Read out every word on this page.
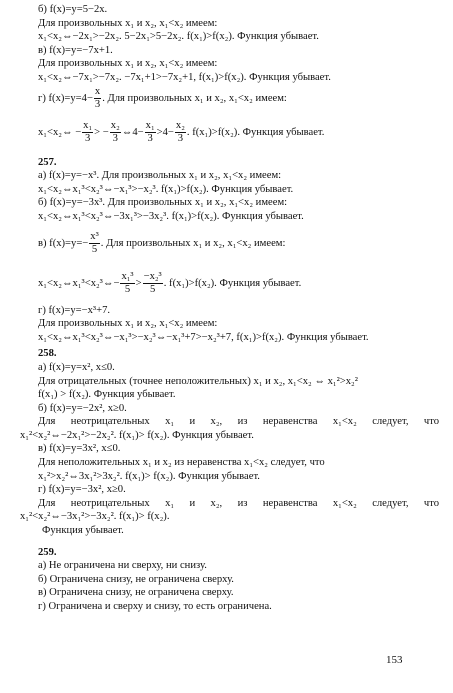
б) f(x)=y=5−2x.
Для произвольных x₁ и x₂, x₁<x₂ имеем:
x₁<x₂⇔−2x₁>−2x₂. 5−2x₁>5−2x₂. f(x₁)>f(x₂). Функция убывает.
в) f(x)=y=−7x+1.
Для произвольных x₁ и x₂, x₁<x₂ имеем:
x₁<x₂⇔−7x₁>−7x₂. −7x₁+1>−7x₂+1, f(x₁)>f(x₂). Функция убывает.
г) $f(x)=y=4- \frac{x}{3}$ . Для произвольных x₁ и x₂, x₁<x₂ имеем:
x₁<x₂⇔ − $\frac{\text{x₁}}{3}$ > − $\frac{\text{x₂}}{3}$ ⇔4− $\frac{\text{x₁}}{3} >4- \frac{\text{x₂}}{3}$ . f(x₁)>f(x₂). Функция убывает.
257.
а) f(x)=y=−x³. Для произвольных x₁ и x₂, x₁<x₂ имеем:
x₁<x₂⇔x₁³<x₂³⇔−x₁³>−x₂³. f(x₁)>f(x₂). Функция убывает.
б) f(x)=y=−3x³. Для произвольных x₁ и x₂, x₁<x₂ имеем:
x₁<x₂⇔x₁³<x₂³⇔−3x₁³>−3x₂³. f(x₁)>f(x₂). Функция убывает.
в) $f(x)=y=- \frac{\text{x³}}{5}$ . Для произвольных x₁ и x₂, x₁<x₂ имеем:
x₁<x₂⇔x₁³<x₂³⇔− $\frac{\text{x₁³}}{5} > \frac{\text{−x₂³}}{5}$ . f(x₁)>f(x₂). Функция убывает.
г) f(x)=y=−x³+7.
Для произвольных x₁ и x₂, x₁<x₂ имеем:
x₁<x₂⇔x₁³<x₂³⇔−x₁³>−x₂³⇔−x₁³+7>−x₂³+7, f(x₁)>f(x₂). Функция убывает.
258.
а) f(x)=y=x², x≤0.
Для отрицательных (точнее неположительных) x₁ и x₂, x₁<x₂ ⇔ x₁²>x₂²
f(x₁) > f(x₂). Функция убывает.
б) f(x)=y=−2x², x≥0.
Для неотрицательных x₁ и x₂, из неравенства x₁<x₂ следует, что
x₁²<x₂²⇔−2x₁²>−2x₂². f(x₁)> f(x₂). Функция убывает.
в) f(x)=y=3x², x≤0.
Для неположительных x₁ и x₂ из неравенства x₁<x₂ следует, что
x₁²>x₂²⇔3x₁²>3x₂². f(x₁)> f(x₂). Функция убывает.
г) f(x)=y=−3x², x≥0.
Для неотрицательных x₁ и x₂, из неравенства x₁<x₂ следует, что
x₁²<x₂²⇔−3x₁²>−3x₂². f(x₁)> f(x₂).
Функция убывает.
259.
а) Не ограничена ни сверху, ни снизу.
б) Ограничена снизу, не ограничена сверху.
в) Ограничена снизу, не ограничена сверху.
г) Ограничена и сверху и снизу, то есть ограничена.
153
